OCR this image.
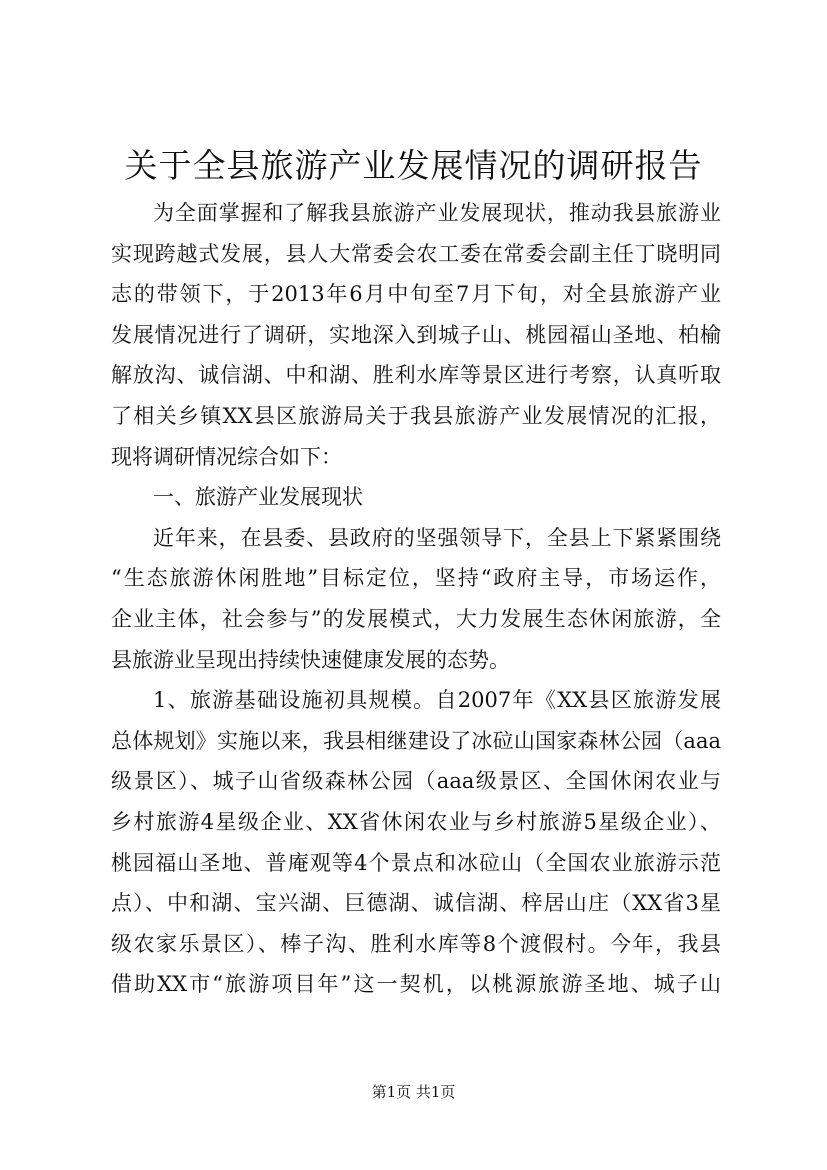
关于全县旅游产业发展情况的调研报告

为全面掌握和了解我县旅游产业发展现状，推动我县旅游业

实现跨越式发展，县人大常委会农工委在常委会副主任丁晓明同

志的带领下，于2013年6月中旬至7月下旬，对全县旅游产业

发展情况进行了调研，实地深入到城子山、桃园福山圣地、柏榆

解放沟、诚信湖、中和湖、胜利水库等景区进行考察，认真听取

了相关乡镇XX县区旅游局关于我县旅游产业发展情况的汇报，

现将调研情况综合如下：

一、旅游产业发展现状

近年来，在县委、县政府的坚强领导下，全县上下紧紧围绕

“生态旅游休闲胜地”目标定位，坚持“政府主导，市场运作，

企业主体，社会参与”的发展模式，大力发展生态休闲旅游，全

县旅游业呈现出持续快速健康发展的态势。

1、旅游基础设施初具规模。自2007年《XX县区旅游发展

总体规划》实施以来，我县相继建设了冰砬山国家森林公园（aaa

级景区）、城子山省级森林公园（aaa级景区、全国休闲农业与

乡村旅游4星级企业、XX省休闲农业与乡村旅游5星级企业）、

桃园福山圣地、普庵观等4个景点和冰砬山（全国农业旅游示范

点）、中和湖、宝兴湖、巨德湖、诚信湖、梓居山庄（XX省3星

级农家乐景区）、棒子沟、胜利水库等8个渡假村。今年，我县

借助XX市“旅游项目年”这一契机，以桃源旅游圣地、城子山

第1页 共1页
